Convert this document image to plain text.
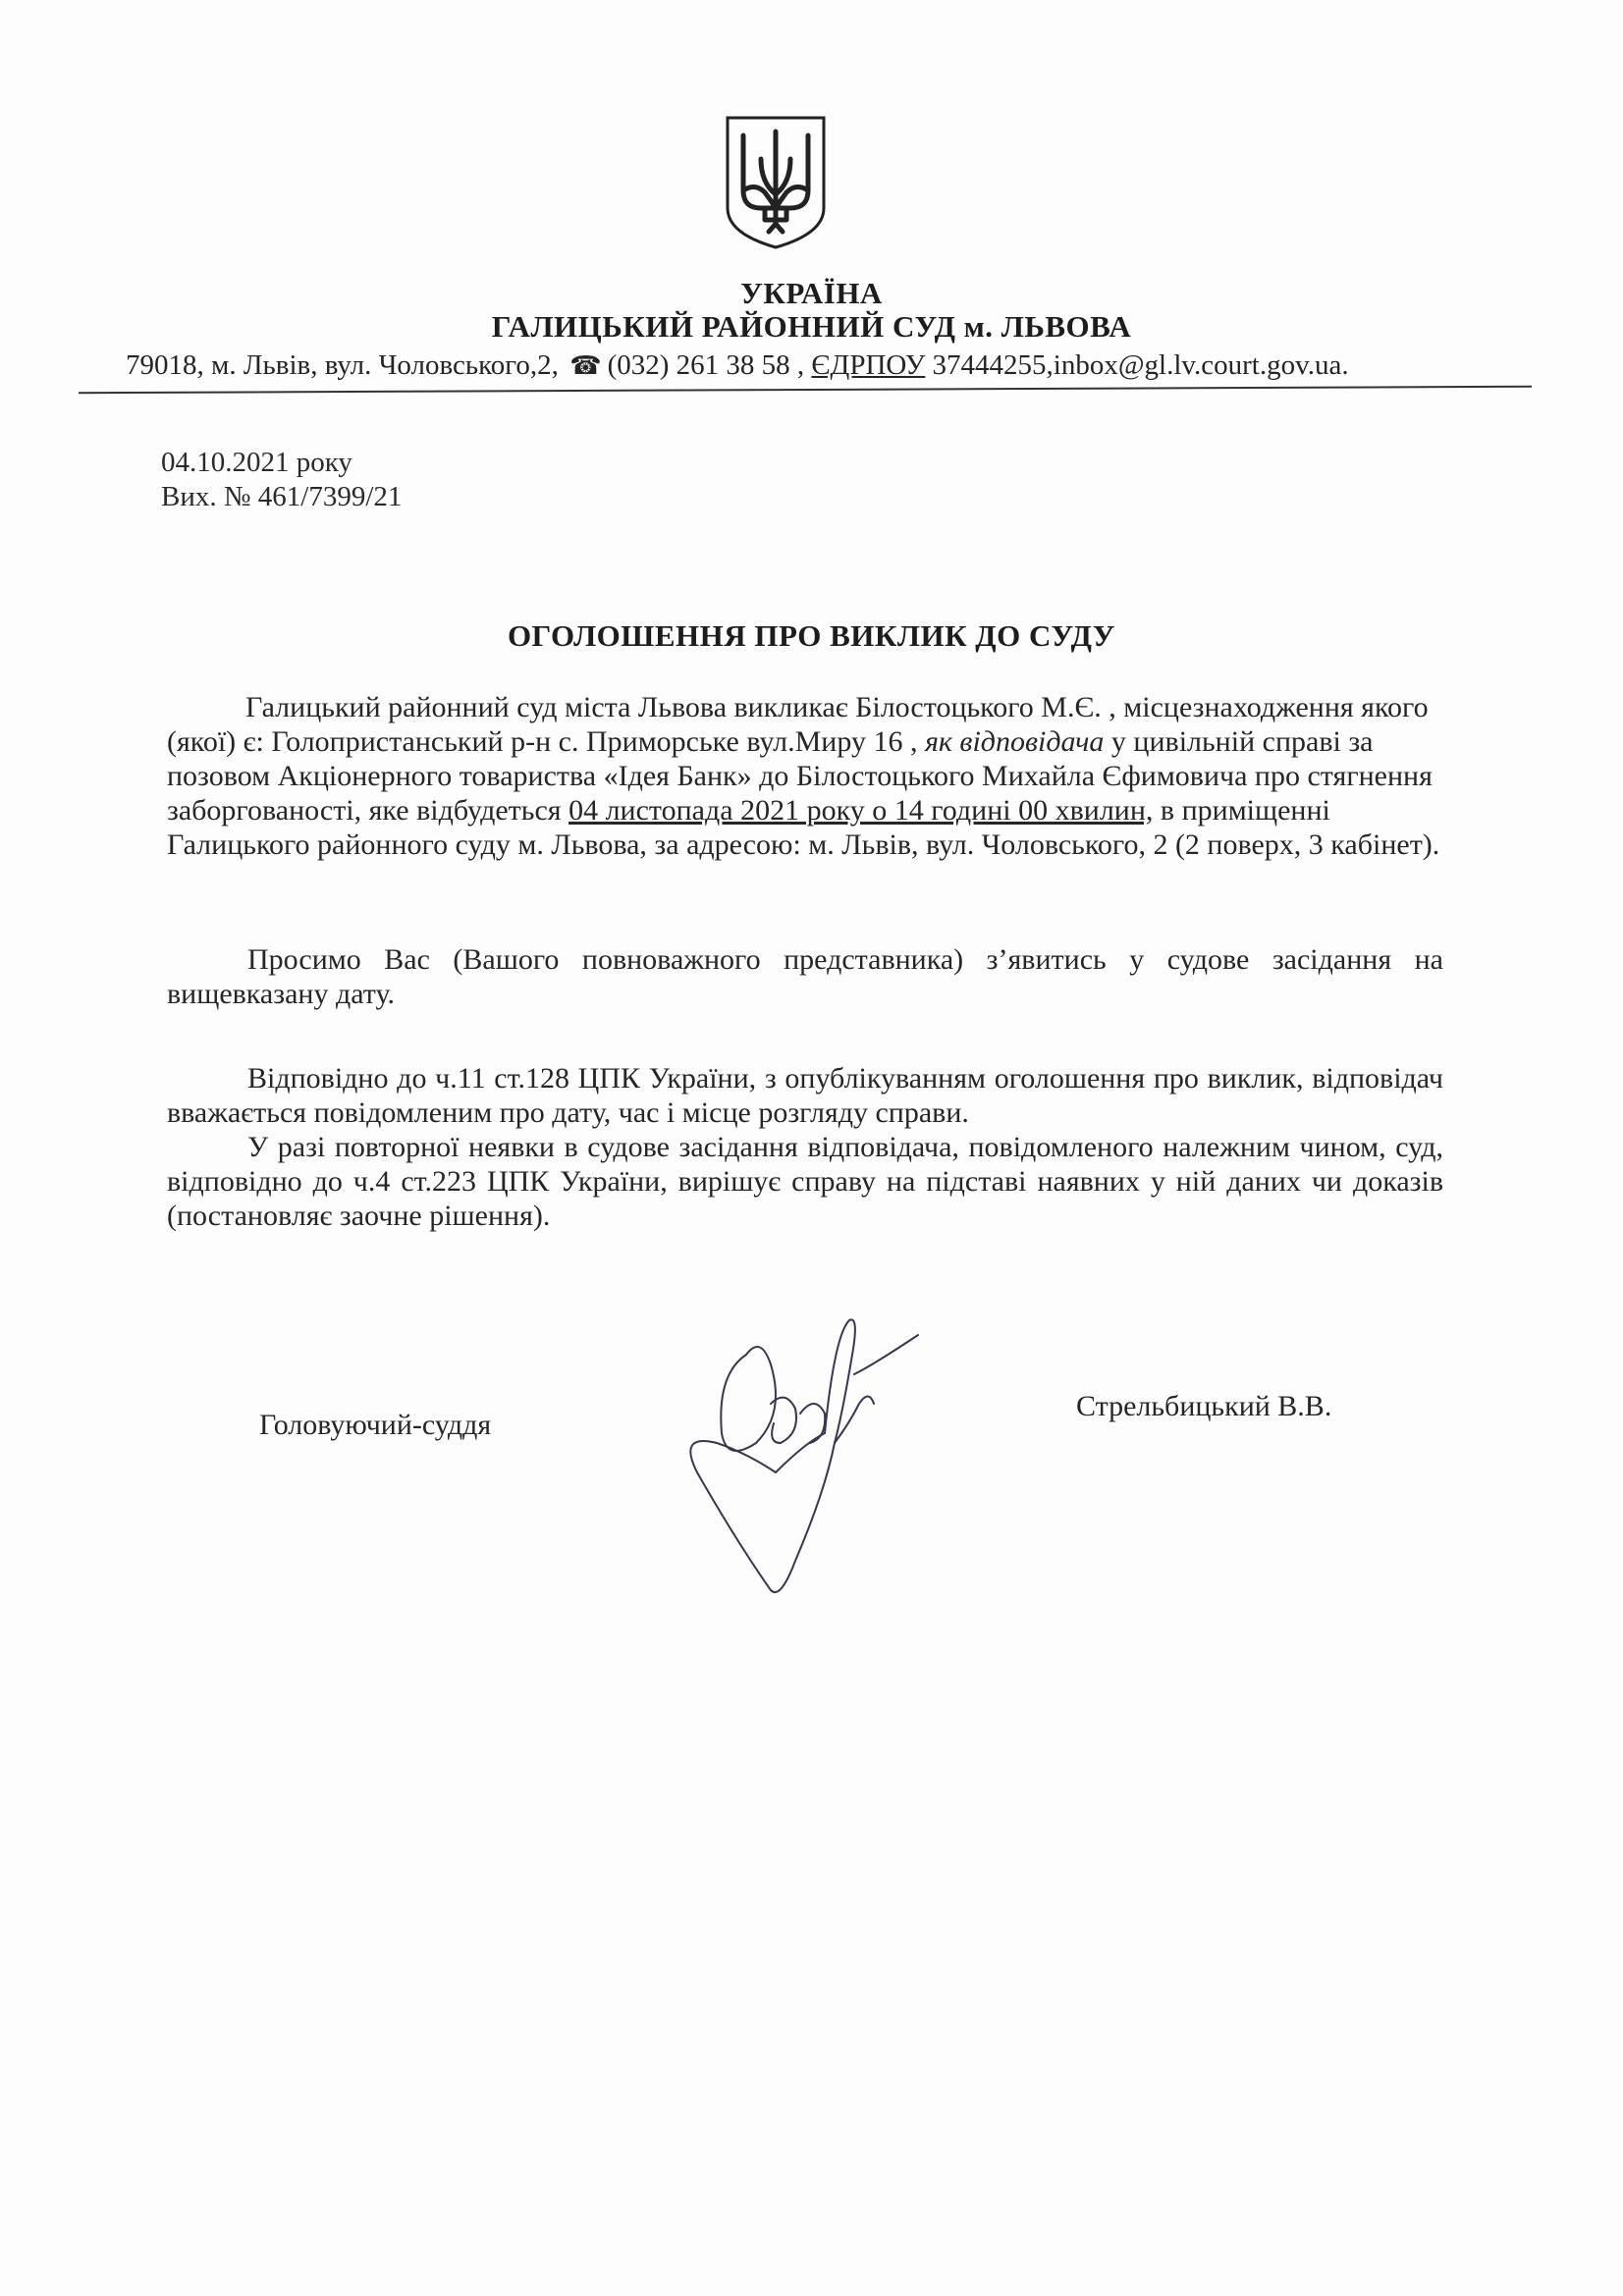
УКРАЇНА
ГАЛИЦЬКИЙ РАЙОННИЙ СУД м. ЛЬВОВА
79018, м. Львів, вул. Чоловського,2, ☎ (032) 261 38 58 , ЄДРПОУ 37444255,inbox@gl.lv.court.gov.ua.
04.10.2021 року
Вих. № 461/7399/21
ОГОЛОШЕННЯ ПРО ВИКЛИК ДО СУДУ
Галицький районний суд міста Львова викликає Білостоцького М.Є. , місцезнаходження якого (якої) є: Голопристанський р-н с. Приморське вул.Миру 16 , як відповідача у цивільній справі за позовом Акціонерного товариства «Ідея Банк» до Білостоцького Михайла Єфимовича про стягнення заборгованості, яке відбудеться 04 листопада 2021 року о 14 годині 00 хвилин, в приміщенні Галицького районного суду м. Львова, за адресою: м. Львів, вул. Чоловського, 2 (2 поверх, 3 кабінет).
Просимо Вас (Вашого повноважного представника) з’явитись у судове засідання на вищевказану дату.
Відповідно до ч.11 ст.128 ЦПК України, з опублікуванням оголошення про виклик, відповідач вважається повідомленим про дату, час і місце розгляду справи.
У разі повторної неявки в судове засідання відповідача, повідомленого належним чином, суд, відповідно до ч.4 ст.223 ЦПК України, вирішує справу на підставі наявних у ній даних чи доказів (постановляє заочне рішення).
Головуючий-суддя
Стрельбицький В.В.
